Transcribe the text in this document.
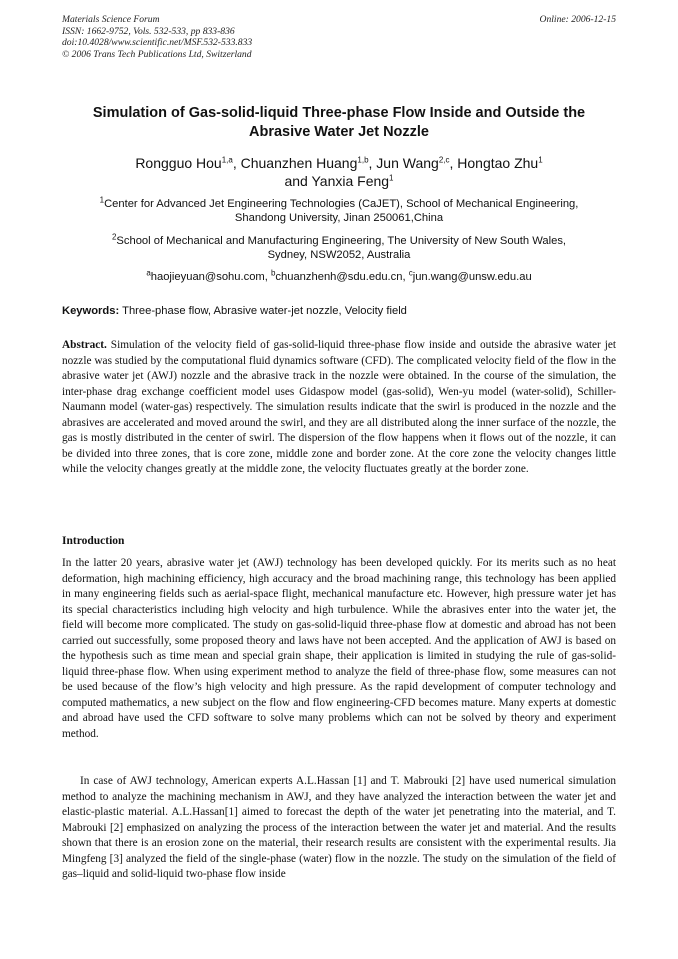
Materials Science Forum
ISSN: 1662-9752, Vols. 532-533, pp 833-836
doi:10.4028/www.scientific.net/MSF.532-533.833
© 2006 Trans Tech Publications Ltd, Switzerland
Online: 2006-12-15
Simulation of Gas-solid-liquid Three-phase Flow Inside and Outside the
Abrasive Water Jet Nozzle
Rongguo Hou$^{1,a}$, Chuanzhen Huang$^{1,b}$, Jun Wang$^{2,c}$, Hongtao Zhu$^1$
and Yanxia Feng$^1$
$^1$Center for Advanced Jet Engineering Technologies (CaJET), School of Mechanical Engineering,
Shandong University, Jinan 250061,China
$^2$School of Mechanical and Manufacturing Engineering, The University of New South Wales,
Sydney, NSW2052, Australia
$^a$haojieyuan@sohu.com, $^b$chuanzhenh@sdu.edu.cn, $^c$jun.wang@unsw.edu.au
Keywords: Three-phase flow, Abrasive water-jet nozzle, Velocity field

Abstract. Simulation of the velocity field of gas-solid-liquid three-phase flow inside and outside the abrasive water jet nozzle was studied by the computational fluid dynamics software (CFD). The complicated velocity field of the flow in the abrasive water jet (AWJ) nozzle and the abrasive track in the nozzle were obtained. In the course of the simulation, the inter-phase drag exchange coefficient model uses Gidaspow model (gas-solid), Wen-yu model (water-solid), Schiller-Naumann model (water-gas) respectively. The simulation results indicate that the swirl is produced in the nozzle and the abrasives are accelerated and moved around the swirl, and they are all distributed along the inner surface of the nozzle, the gas is mostly distributed in the center of swirl. The dispersion of the flow happens when it flows out of the nozzle, it can be divided into three zones, that is core zone, middle zone and border zone. At the core zone the velocity changes little while the velocity changes greatly at the middle zone, the velocity fluctuates greatly at the border zone.

Introduction

In the latter 20 years, abrasive water jet (AWJ) technology has been developed quickly. For its merits such as no heat deformation, high machining efficiency, high accuracy and the broad machining range, this technology has been applied in many engineering fields such as aerial-space flight, mechanical manufacture etc. However, high pressure water jet has its special characteristics including high velocity and high turbulence. While the abrasives enter into the water jet, the field will become more complicated. The study on gas-solid-liquid three-phase flow at domestic and abroad has not been carried out successfully, some proposed theory and laws have not been accepted. And the application of AWJ is based on the hypothesis such as time mean and special grain shape, their application is limited in studying the rule of gas-solid-liquid three-phase flow. When using experiment method to analyze the field of three-phase flow, some measures can not be used because of the flow’s high velocity and high pressure. As the rapid development of computer technology and computed mathematics, a new subject on the flow and flow engineering-CFD becomes mature. Many experts at domestic and abroad have used the CFD software to solve many problems which can not be solved by theory and experiment method.

In case of AWJ technology, American experts A.L.Hassan [1] and T. Mabrouki [2] have used numerical simulation method to analyze the machining mechanism in AWJ, and they have analyzed the interaction between the water jet and elastic-plastic material. A.L.Hassan[1] aimed to forecast the depth of the water jet penetrating into the material, and T. Mabrouki [2] emphasized on analyzing the process of the interaction between the water jet and material. And the results shown that there is an erosion zone on the material, their research results are consistent with the experimental results. Jia Mingfeng [3] analyzed the field of the single-phase (water) flow in the nozzle. The study on the simulation of the field of gas–liquid and solid-liquid two-phase flow inside
